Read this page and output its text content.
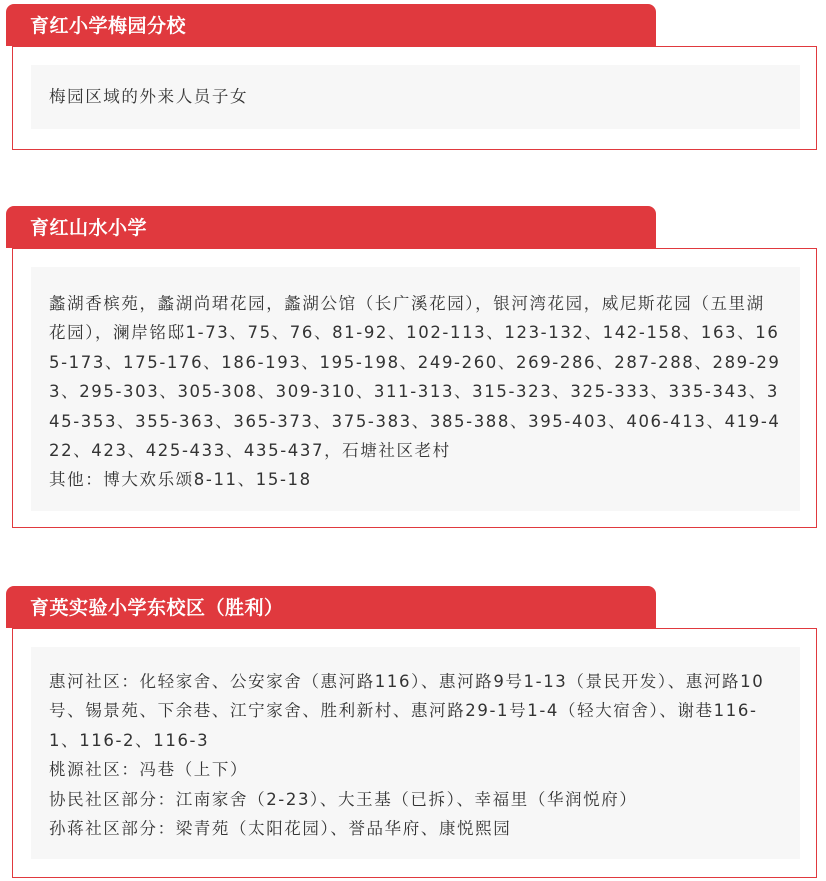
育红小学梅园分校
梅园区域的外来人员子女
育红山水小学
蠡湖香槟苑，蠡湖尚珺花园，蠡湖公馆（长广溪花园），银河湾花园，威尼斯花园（五里湖花园），澜岸铭邸1-73、75、76、81-92、102-113、123-132、142-158、163、165-173、175-176、186-193、195-198、249-260、269-286、287-288、289-293、295-303、305-308、309-310、311-313、315-323、325-333、335-343、345-353、355-363、365-373、375-383、385-388、395-403、406-413、419-422、423、425-433、435-437，石塘社区老村
其他：博大欢乐颂8-11、15-18
育英实验小学东校区（胜利）
惠河社区：化轻家舍、公安家舍（惠河路116）、惠河路9号1-13（景民开发）、惠河路10号、锡景苑、下余巷、江宁家舍、胜利新村、惠河路29-1号1-4（轻大宿舍）、谢巷116-1、116-2、116-3
桃源社区：冯巷（上下）
协民社区部分：江南家舍（2-23）、大王基（已拆）、幸福里（华润悦府）
孙蒋社区部分：梁青苑（太阳花园）、誉品华府、康悦熙园
